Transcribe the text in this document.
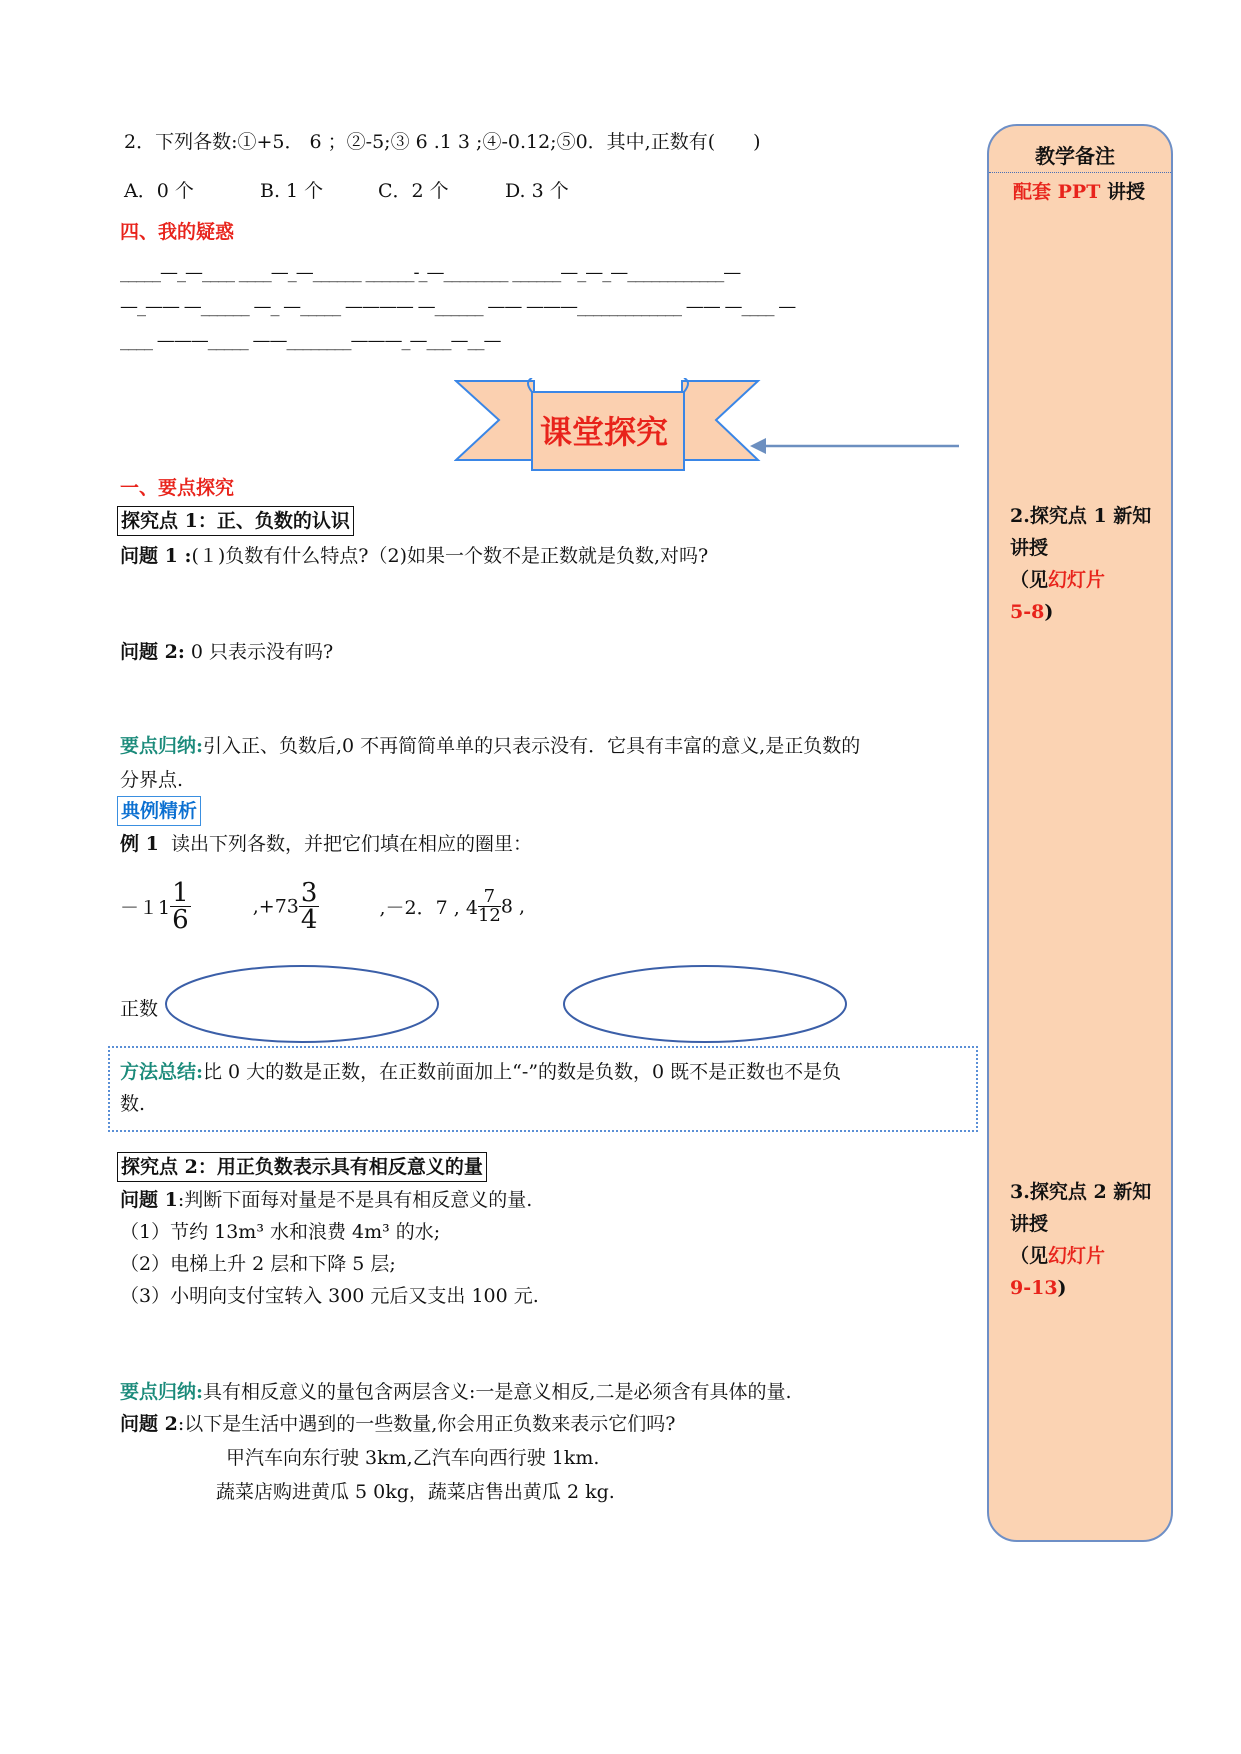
教学备注
配套 PPT 讲授
2.探究点 1 新知讲授
（见幻灯片
5-8)
3.探究点 2 新知讲授
（见幻灯片
9-13)
2．下列各数:①+5． 6 ；②-5;③ 6 .1 3 ;④-0.12;⑤0．其中,正数有(　　)
A．0 个	B. 1 个	C．2 个	D. 3 个
四、我的疑惑
_____—_—____ ____—_—______ ______-_—________ ______—_—_—____________—
—_—— —______ —_ —_____ ———— —______ —— ———_____________ —— —____ —
____ ———_____ ——________———_—___—__—
课堂探究
一、要点探究
探究点 1：正、负数的认识
问题 1 :(１)负数有什么特点?（2)如果一个数不是正数就是负数,对吗?
问题 2: 0 只表示没有吗?
要点归纳:引入正、负数后,0 不再简简单单的只表示没有．它具有丰富的意义,是正负数的
分界点.
典例精析
例 1 读出下列各数，并把它们填在相应的圈里：
$-11 \frac{1}{6}$	$,+73 \frac{3}{4}$	,－2．7 , $4 \frac{7}{12} 8$ ,
正数
方法总结:比 0 大的数是正数，在正数前面加上“-”的数是负数，0 既不是正数也不是负
数.
探究点 2：用正负数表示具有相反意义的量
问题 1:判断下面每对量是不是具有相反意义的量.
（1）节约 13m³ 水和浪费 4m³ 的水;
（2）电梯上升 2 层和下降 5 层;
（3）小明向支付宝转入 300 元后又支出 100 元.
要点归纳:具有相反意义的量包含两层含义:一是意义相反,二是必须含有具体的量.
问题 2:以下是生活中遇到的一些数量,你会用正负数来表示它们吗?
甲汽车向东行驶 3km,乙汽车向西行驶 1km.
蔬菜店购进黄瓜 5 0kg，蔬菜店售出黄瓜 2 kg.
